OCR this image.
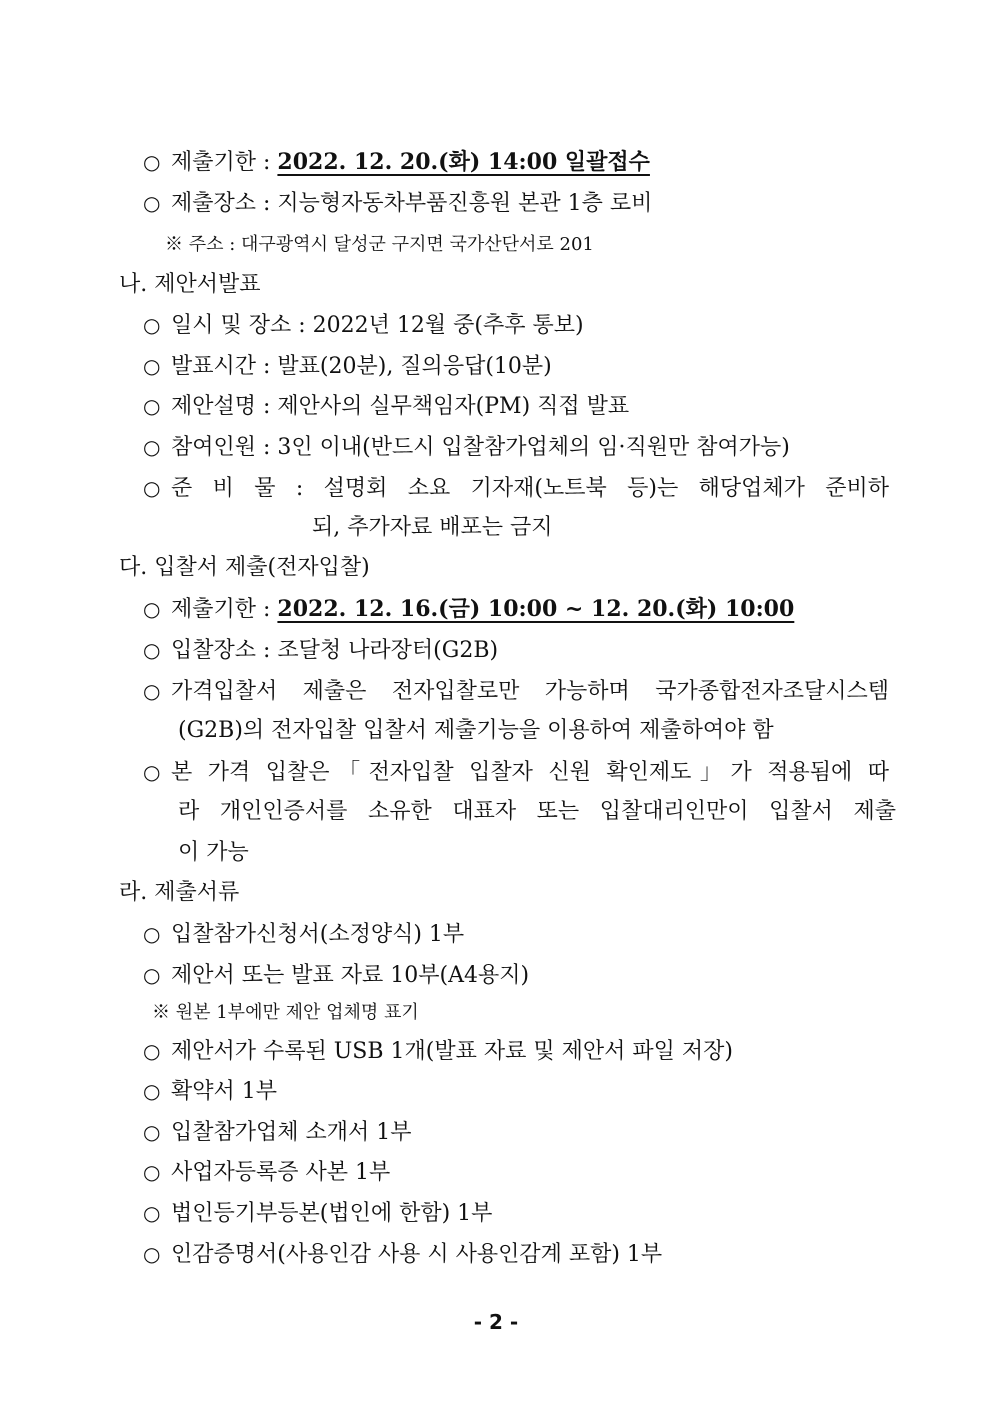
○ 제출기한 : 2022. 12. 20.(화) 14:00 일괄접수
○ 제출장소 : 지능형자동차부품진흥원 본관 1층 로비
※ 주소 : 대구광역시 달성군 구지면 국가산단서로 201
나. 제안서발표
○ 일시 및 장소 : 2022년 12월 중(추후 통보)
○ 발표시간 : 발표(20분), 질의응답(10분)
○ 제안설명 : 제안사의 실무책임자(PM) 직접 발표
○ 참여인원 : 3인 이내(반드시 입찰참가업체의 임·직원만 참여가능)
○ 준 비 물 : 설명회 소요 기자재(노트북 등)는 해당업체가 준비하
되, 추가자료 배포는 금지
다. 입찰서 제출(전자입찰)
○ 제출기한 : 2022. 12. 16.(금) 10:00 ~ 12. 20.(화) 10:00
○ 입찰장소 : 조달청 나라장터(G2B)
○ 가격입찰서 제출은 전자입찰로만 가능하며 국가종합전자조달시스템
(G2B)의 전자입찰 입찰서 제출기능을 이용하여 제출하여야 함
○ 본 가격 입찰은「전자입찰 입찰자 신원 확인제도」가 적용됨에 따
라 개인인증서를 소유한 대표자 또는 입찰대리인만이 입찰서 제출
이 가능
라. 제출서류
○ 입찰참가신청서(소정양식) 1부
○ 제안서 또는 발표 자료 10부(A4용지)
※ 원본 1부에만 제안 업체명 표기
○ 제안서가 수록된 USB 1개(발표 자료 및 제안서 파일 저장)
○ 확약서 1부
○ 입찰참가업체 소개서 1부
○ 사업자등록증 사본 1부
○ 법인등기부등본(법인에 한함) 1부
○ 인감증명서(사용인감 사용 시 사용인감계 포함) 1부
- 2 -
